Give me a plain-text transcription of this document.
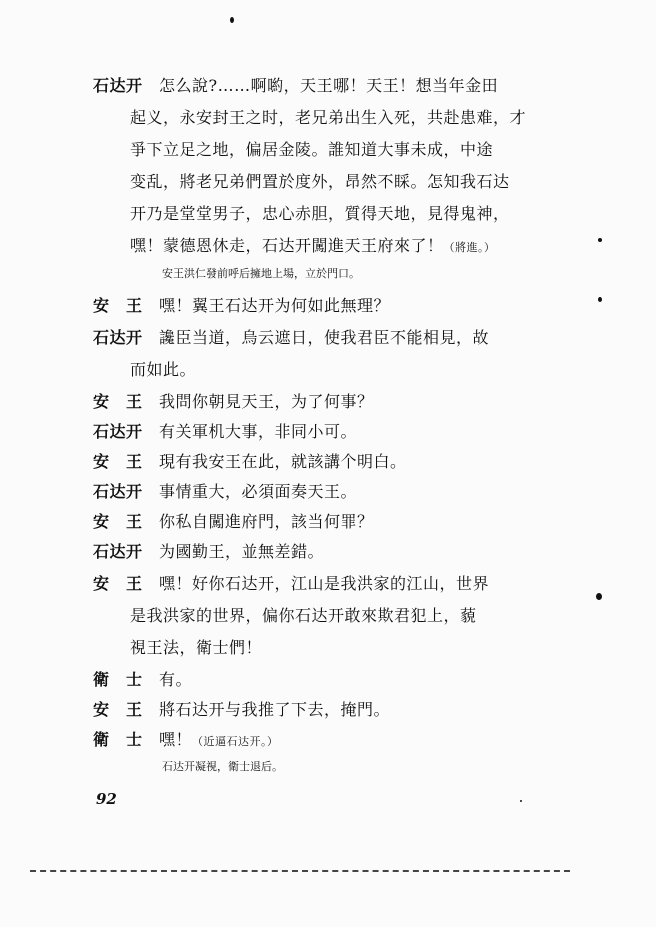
石达开 怎么說?……啊喲，天王哪！天王！想当年金田
起义，永安封王之时，老兄弟出生入死，共赴患难，才
爭下立足之地，偏居金陵。誰知道大事未成，中途
变乱，將老兄弟們置於度外，昂然不睬。怎知我石达
开乃是堂堂男子，忠心赤胆，質得天地，見得鬼神，
嘿！蒙德恩休走，石达开闖進天王府來了！（將進。）
安王洪仁發前呼后擁地上場，立於門口。
安　王 嘿！翼王石达开为何如此無理？
石达开 讒臣当道，烏云遮日，使我君臣不能相見，故
而如此。
安　王 我問你朝見天王，为了何事？
石达开 有关軍机大事，非同小可。
安　王 現有我安王在此，就該講个明白。
石达开 事情重大，必須面奏天王。
安　王 你私自闖進府門，該当何罪？
石达开 为國勤王，並無差錯。
安　王 嘿！好你石达开，江山是我洪家的江山，世界
是我洪家的世界，偏你石达开敢來欺君犯上，藐
視王法，衛士們！
衛　士 有。
安　王 將石达开与我推了下去，掩門。
衛　士 嘿！（近逼石达开。）
石达开凝視，衛士退后。
92
